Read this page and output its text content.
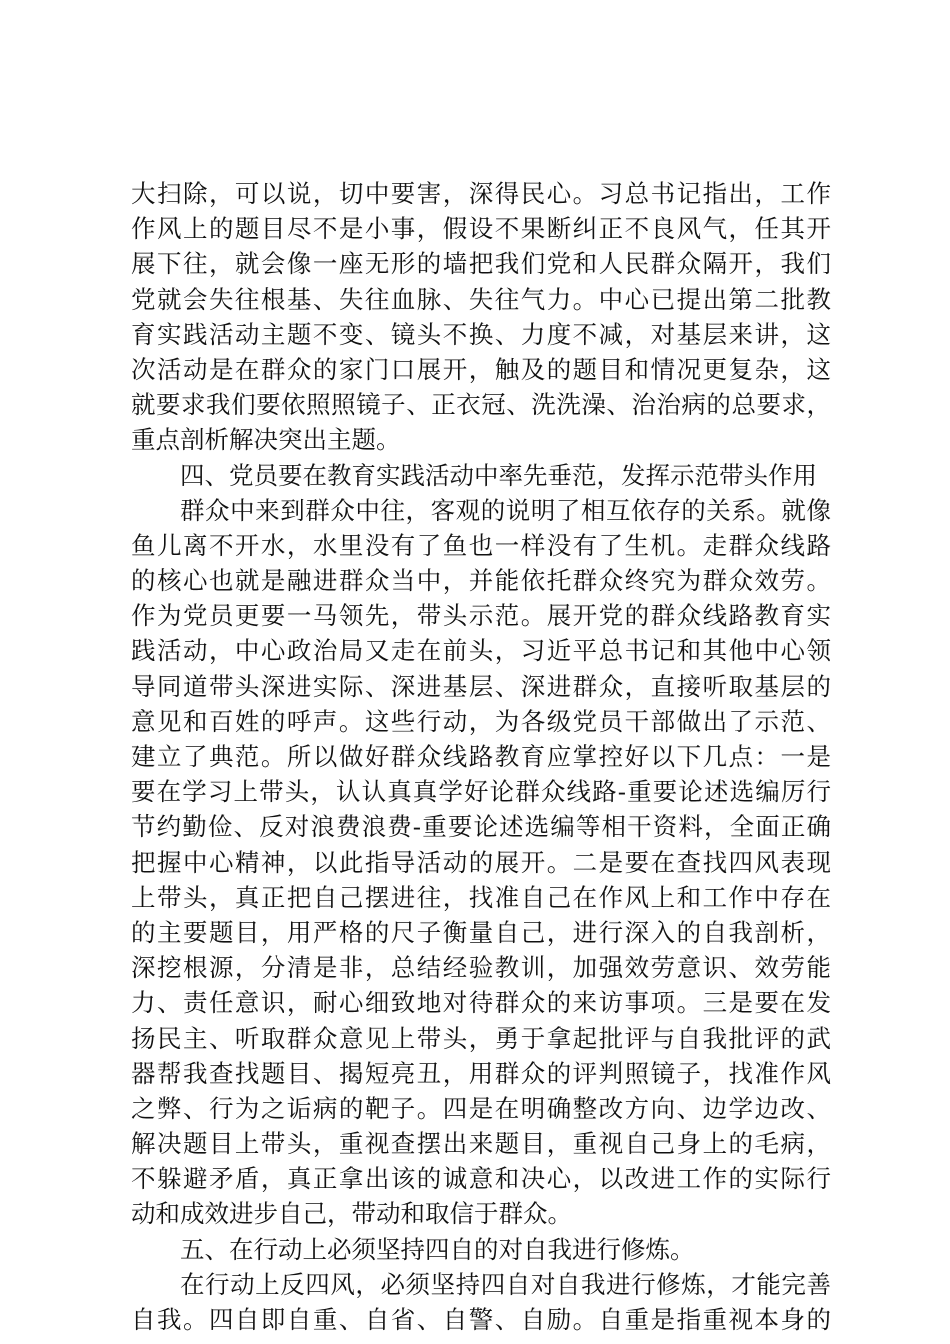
大扫除，可以说，切中要害，深得民心。习总书记指出，工作
作风上的题目尽不是小事，假设不果断纠正不良风气，任其开
展下往，就会像一座无形的墙把我们党和人民群众隔开，我们
党就会失往根基、失往血脉、失往气力。中心已提出第二批教
育实践活动主题不变、镜头不换、力度不减，对基层来讲，这
次活动是在群众的家门口展开，触及的题目和情况更复杂，这
就要求我们要依照照镜子、正衣冠、洗洗澡、治治病的总要求，
重点剖析解决突出主题。
四、党员要在教育实践活动中率先垂范，发挥示范带头作用
群众中来到群众中往，客观的说明了相互依存的关系。就像
鱼儿离不开水，水里没有了鱼也一样没有了生机。走群众线路
的核心也就是融进群众当中，并能依托群众终究为群众效劳。
作为党员更要一马领先，带头示范。展开党的群众线路教育实
践活动，中心政治局又走在前头，习近平总书记和其他中心领
导同道带头深进实际、深进基层、深进群众，直接听取基层的
意见和百姓的呼声。这些行动，为各级党员干部做出了示范、
建立了典范。所以做好群众线路教育应掌控好以下几点：一是
要在学习上带头，认认真真学好论群众线路-重要论述选编厉行
节约勤俭、反对浪费浪费-重要论述选编等相干资料，全面正确
把握中心精神，以此指导活动的展开。二是要在查找四风表现
上带头，真正把自己摆进往，找准自己在作风上和工作中存在
的主要题目，用严格的尺子衡量自己，进行深入的自我剖析，
深挖根源，分清是非，总结经验教训，加强效劳意识、效劳能
力、责任意识，耐心细致地对待群众的来访事项。三是要在发
扬民主、听取群众意见上带头，勇于拿起批评与自我批评的武
器帮我查找题目、揭短亮丑，用群众的评判照镜子，找准作风
之弊、行为之诟病的靶子。四是在明确整改方向、边学边改、
解决题目上带头，重视查摆出来题目，重视自己身上的毛病，
不躲避矛盾，真正拿出该的诚意和决心，以改进工作的实际行
动和成效进步自己，带动和取信于群众。
五、在行动上必须坚持四自的对自我进行修炼。
在行动上反四风，必须坚持四自对自我进行修炼，才能完善
自我。四自即自重、自省、自警、自励。自重是指重视本身的
